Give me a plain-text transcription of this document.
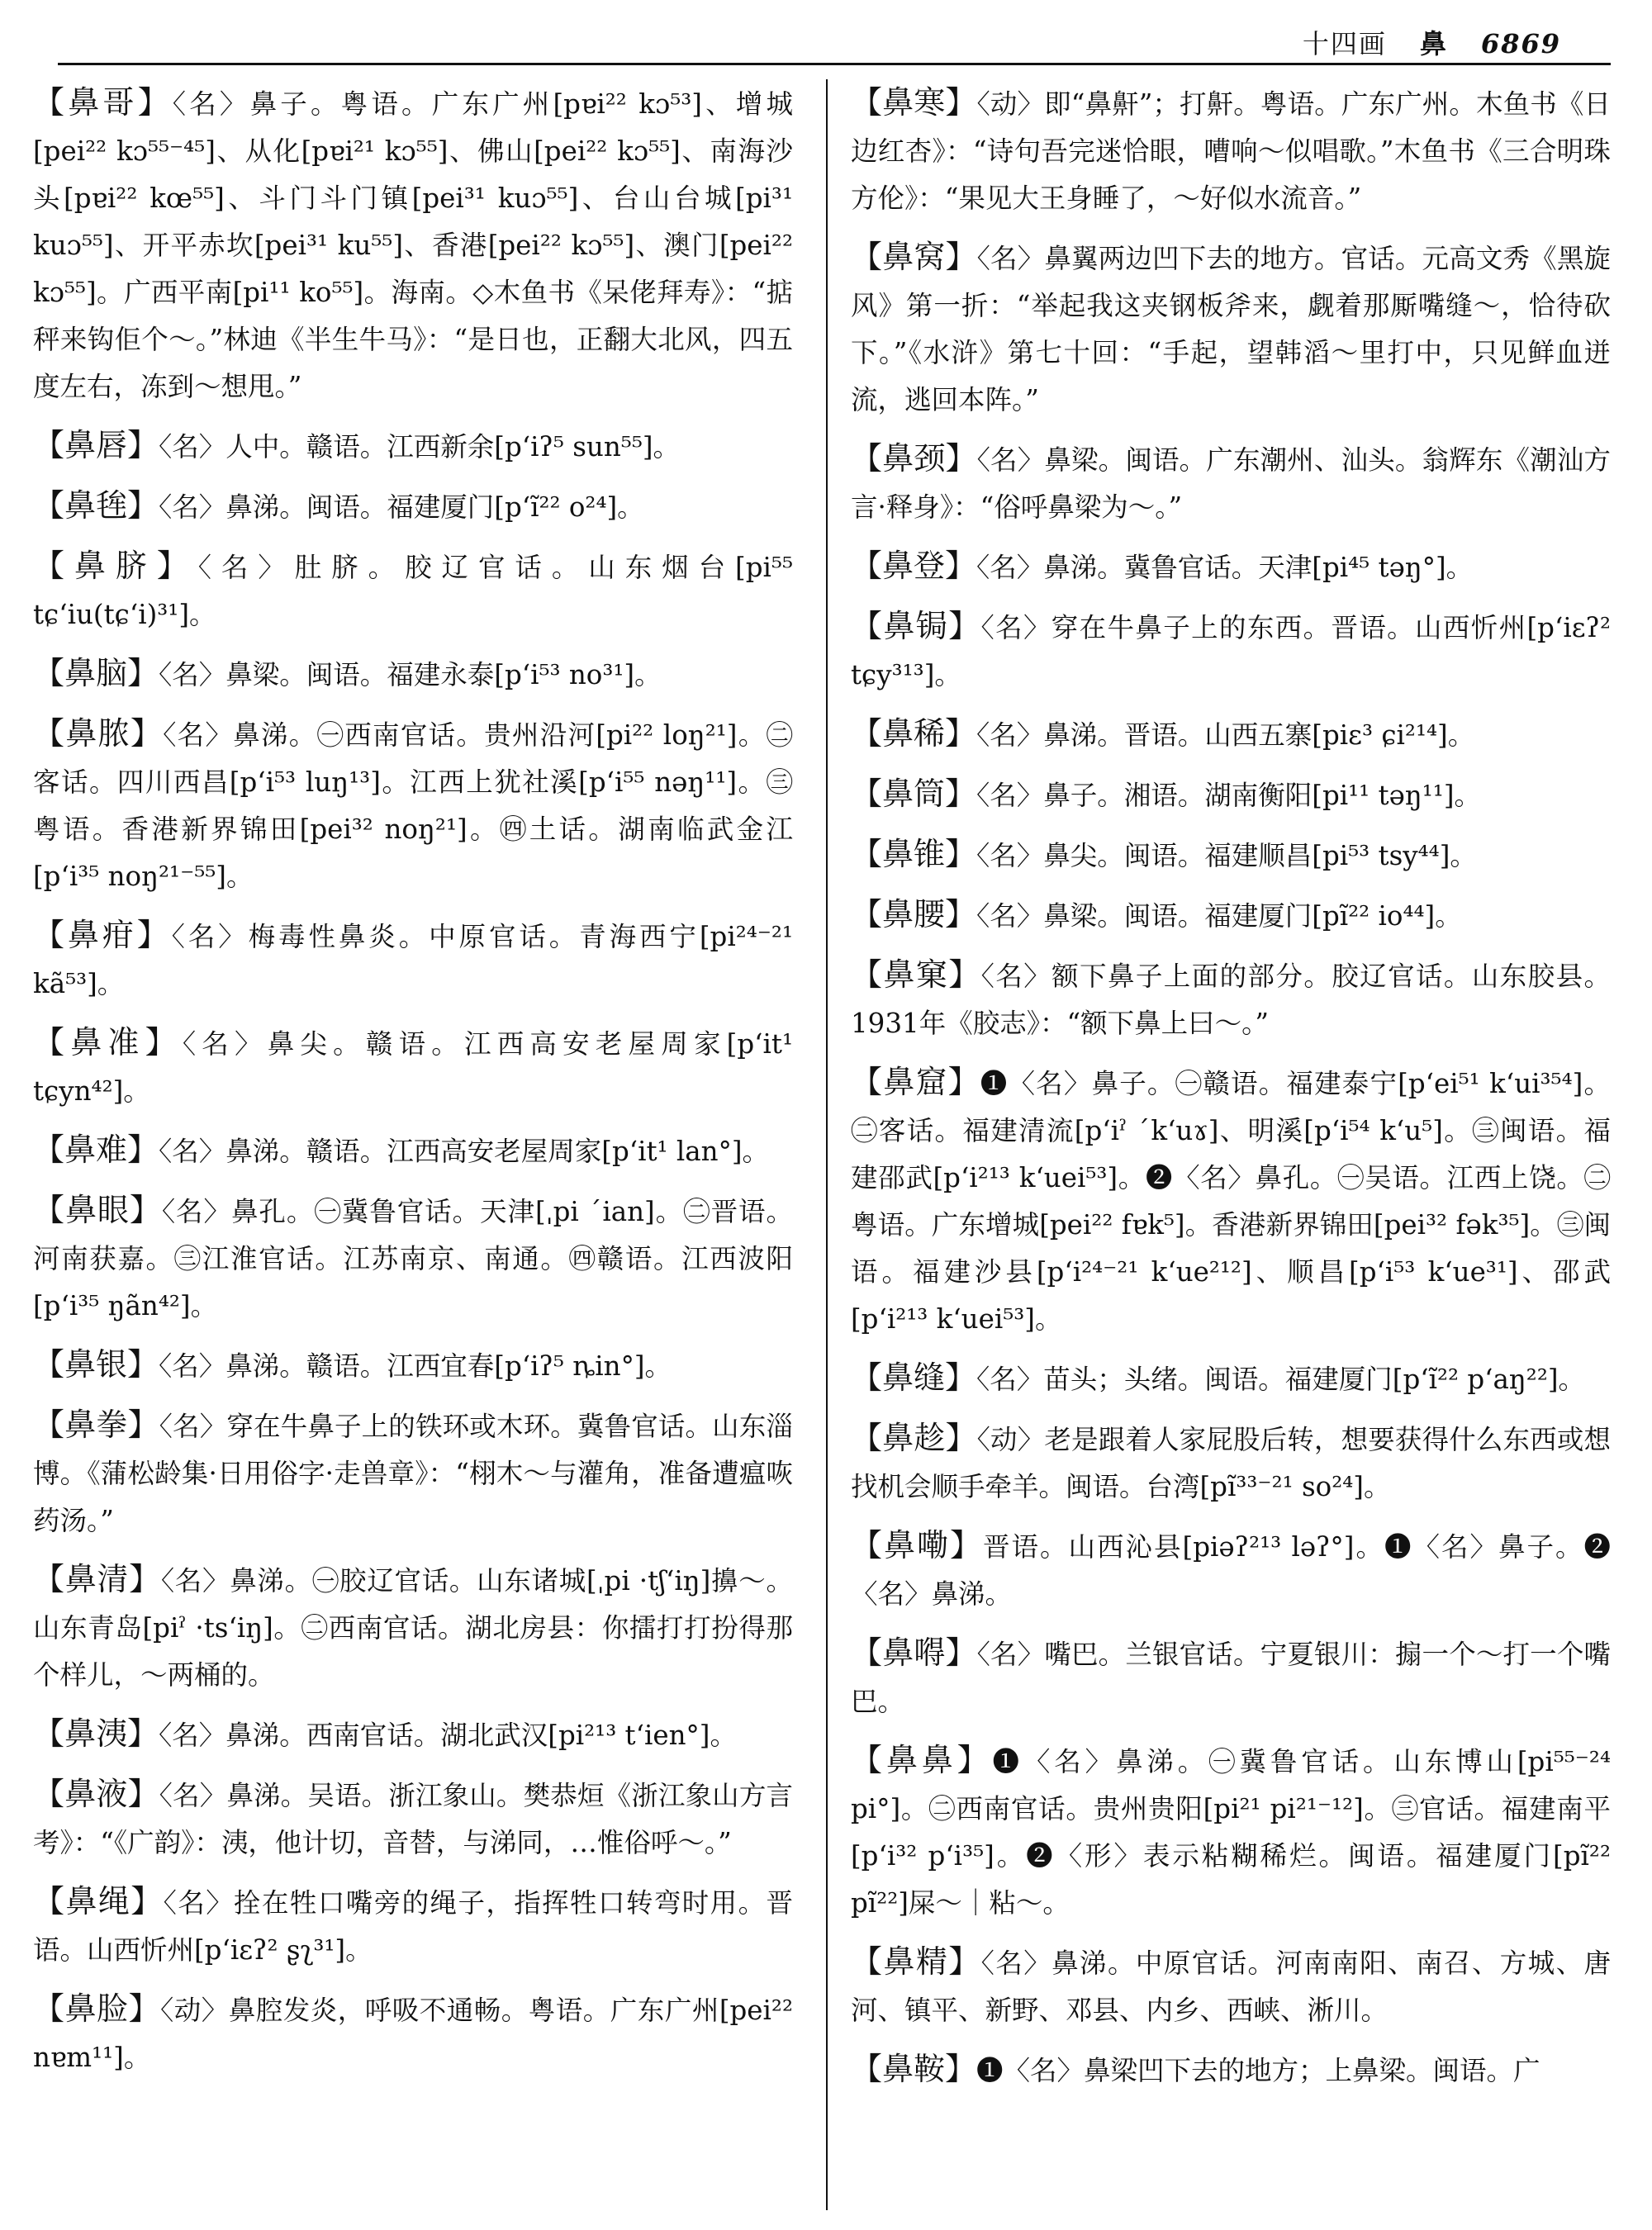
十四画 鼻 6869
【鼻哥】〈名〉鼻子。粤语。广东广州[pɐi²² kɔ⁵³]、增城[pei²² kɔ⁵⁵⁻⁴⁵]、从化[pɐi²¹ kɔ⁵⁵]、佛山[pei²² kɔ⁵⁵]、南海沙头[pɐi²² kœ⁵⁵]、斗门斗门镇[pei³¹ kuɔ⁵⁵]、台山台城[pi³¹ kuɔ⁵⁵]、开平赤坎[pei³¹ ku⁵⁵]、香港[pei²² kɔ⁵⁵]、澳门[pei²² kɔ⁵⁵]。广西平南[pi¹¹ ko⁵⁵]。海南。◇木鱼书《呆佬拜寿》：“掂秤来钩佢个～。”林迪《半生牛马》：“是日也，正翻大北风，四五度左右，冻到～想甩。”
【鼻唇】〈名〉人中。赣语。江西新余[p‘iʔ⁵ sun⁵⁵]。
【鼻毪】〈名〉鼻涕。闽语。福建厦门[p‘ĩ²² o²⁴]。
【鼻脐】〈名〉肚脐。胶辽官话。山东烟台[pi⁵⁵ tɕ‘iu(tɕ‘i)³¹]。
【鼻脑】〈名〉鼻梁。闽语。福建永泰[p‘i⁵³ no³¹]。
【鼻脓】〈名〉鼻涕。㊀西南官话。贵州沿河[pi²² loŋ²¹]。㊁客话。四川西昌[p‘i⁵³ luŋ¹³]。江西上犹社溪[p‘i⁵⁵ nəŋ¹¹]。㊂粤语。香港新界锦田[pei³² noŋ²¹]。㊃土话。湖南临武金江[p‘i³⁵ noŋ²¹⁻⁵⁵]。
【鼻疳】〈名〉梅毒性鼻炎。中原官话。青海西宁[pi²⁴⁻²¹ kã⁵³]。
【鼻准】〈名〉鼻尖。赣语。江西高安老屋周家[p‘it¹ tɕyn⁴²]。
【鼻难】〈名〉鼻涕。赣语。江西高安老屋周家[p‘it¹ lan°]。
【鼻眼】〈名〉鼻孔。㊀冀鲁官话。天津[ˌpi ˊian]。㊁晋语。河南获嘉。㊂江淮官话。江苏南京、南通。㊃赣语。江西波阳[p‘i³⁵ ŋãn⁴²]。
【鼻银】〈名〉鼻涕。赣语。江西宜春[p‘iʔ⁵ ȵin°]。
【鼻拳】〈名〉穿在牛鼻子上的铁环或木环。冀鲁官话。山东淄博。《蒲松龄集·日用俗字·走兽章》：“栩木～与灌角，准备遭瘟咴药汤。”
【鼻清】〈名〉鼻涕。㊀胶辽官话。山东诸城[ˌpi ·tʃ‘iŋ]擤～。山东青岛[piˀ ·ts‘iŋ]。㊁西南官话。湖北房县：你擂打打扮得那个样儿，～两桶的。
【鼻洟】〈名〉鼻涕。西南官话。湖北武汉[pi²¹³ t‘ien°]。
【鼻液】〈名〉鼻涕。吴语。浙江象山。樊恭烜《浙江象山方言考》：“《广韵》：洟，他计切，音替，与涕同，…惟俗呼～。”
【鼻绳】〈名〉拴在牲口嘴旁的绳子，指挥牲口转弯时用。晋语。山西忻州[p‘iɛʔ² ʂʅ³¹]。
【鼻脸】〈动〉鼻腔发炎，呼吸不通畅。粤语。广东广州[pei²² nɐm¹¹]。
【鼻寒】〈动〉即“鼻鼾”；打鼾。粤语。广东广州。木鱼书《日边红杏》：“诗句吾完迷恰眼，嘈响～似唱歌。”木鱼书《三合明珠方伦》：“果见大王身睡了，～好似水流音。”
【鼻窝】〈名〉鼻翼两边凹下去的地方。官话。元高文秀《黑旋风》第一折：“举起我这夹钢板斧来，觑着那厮嘴缝～，恰待砍下。”《水浒》第七十回：“手起，望韩滔～里打中，只见鲜血迸流，逃回本阵。”
【鼻颈】〈名〉鼻梁。闽语。广东潮州、汕头。翁辉东《潮汕方言·释身》：“俗呼鼻梁为～。”
【鼻登】〈名〉鼻涕。冀鲁官话。天津[pi⁴⁵ təŋ°]。
【鼻锔】〈名〉穿在牛鼻子上的东西。晋语。山西忻州[p‘iɛʔ² tɕy³¹³]。
【鼻稀】〈名〉鼻涕。晋语。山西五寨[piɛ³ ɕi²¹⁴]。
【鼻筒】〈名〉鼻子。湘语。湖南衡阳[pi¹¹ təŋ¹¹]。
【鼻锥】〈名〉鼻尖。闽语。福建顺昌[pi⁵³ tsy⁴⁴]。
【鼻腰】〈名〉鼻梁。闽语。福建厦门[pĩ²² io⁴⁴]。
【鼻窠】〈名〉额下鼻子上面的部分。胶辽官话。山东胶县。1931年《胶志》：“额下鼻上曰～。”
【鼻窟】❶〈名〉鼻子。㊀赣语。福建泰宁[p‘ei⁵¹ k‘ui³⁵⁴]。㊁客话。福建清流[p‘iˀ ˊk‘uɤ]、明溪[p‘i⁵⁴ k‘u⁵]。㊂闽语。福建邵武[p‘i²¹³ k‘uei⁵³]。❷〈名〉鼻孔。㊀吴语。江西上饶。㊁粤语。广东增城[pei²² fɐk⁵]。香港新界锦田[pei³² fək³⁵]。㊂闽语。福建沙县[p‘i²⁴⁻²¹ k‘ue²¹²]、顺昌[p‘i⁵³ k‘ue³¹]、邵武[p‘i²¹³ k‘uei⁵³]。
【鼻缝】〈名〉苗头；头绪。闽语。福建厦门[p‘ĩ²² p‘aŋ²²]。
【鼻趁】〈动〉老是跟着人家屁股后转，想要获得什么东西或想找机会顺手牵羊。闽语。台湾[pĩ³³⁻²¹ so²⁴]。
【鼻嘞】晋语。山西沁县[piəʔ²¹³ ləʔ°]。❶〈名〉鼻子。❷〈名〉鼻涕。
【鼻嘚】〈名〉嘴巴。兰银官话。宁夏银川：搧一个～打一个嘴巴。
【鼻鼻】❶〈名〉鼻涕。㊀冀鲁官话。山东博山[pi⁵⁵⁻²⁴ pi°]。㊁西南官话。贵州贵阳[pi²¹ pi²¹⁻¹²]。㊂官话。福建南平[p‘i³² p‘i³⁵]。❷〈形〉表示粘糊稀烂。闽语。福建厦门[pĩ²² pĩ²²]屎～｜粘～。
【鼻精】〈名〉鼻涕。中原官话。河南南阳、南召、方城、唐河、镇平、新野、邓县、内乡、西峡、淅川。
【鼻鞍】❶〈名〉鼻梁凹下去的地方；上鼻梁。闽语。广
